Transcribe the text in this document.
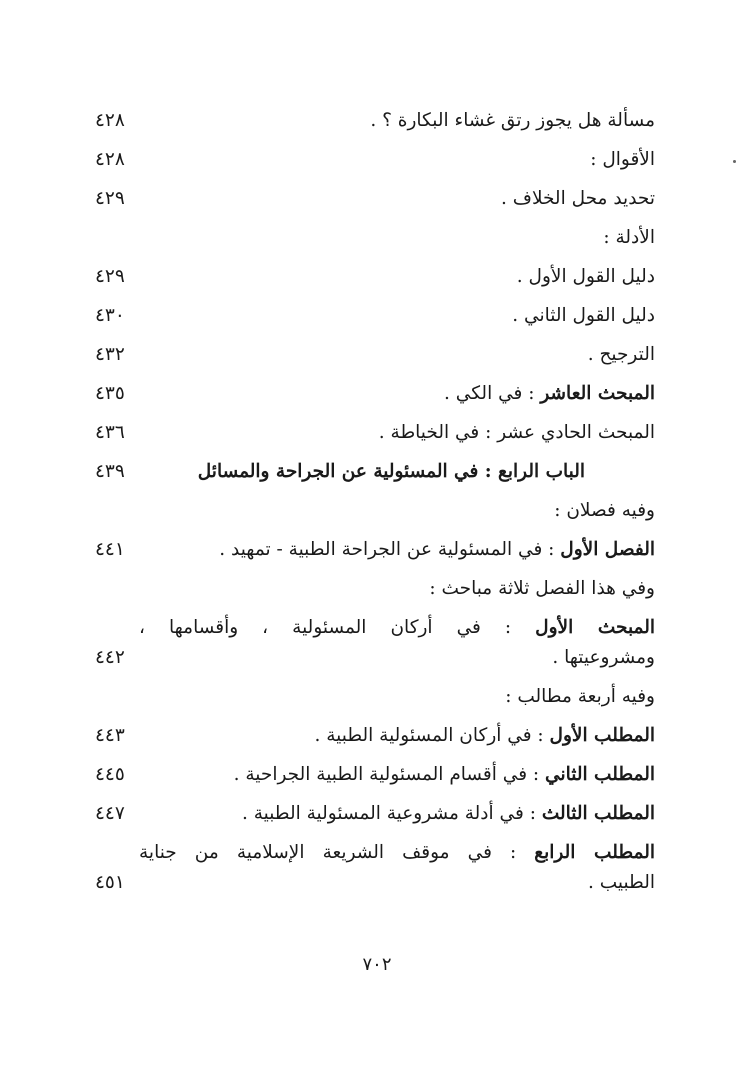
مسألة هل يجوز رتق غشاء البكارة ؟ .
٤٢٨
الأقوال :
٤٢٨
تحديد محل الخلاف .
٤٢٩
الأدلة :
دليل القول الأول .
٤٢٩
دليل القول الثاني .
٤٣٠
الترجيح .
٤٣٢
المبحث العاشر : في الكي .
٤٣٥
المبحث الحادي عشر : في الخياطة .
٤٣٦
الباب الرابع : في المسئولية عن الجراحة والمسائل
٤٣٩
وفيه فصلان :
الفصل الأول : في المسئولية عن الجراحة الطبية - تمهيد .
٤٤١
وفي هذا الفصل ثلاثة مباحث :
المبحث الأول : في أركان المسئولية ، وأقسامها ،
ومشروعيتها .
٤٤٢
وفيه أربعة مطالب :
المطلب الأول : في أركان المسئولية الطبية .
٤٤٣
المطلب الثاني : في أقسام المسئولية الطبية الجراحية .
٤٤٥
المطلب الثالث : في أدلة مشروعية المسئولية الطبية .
٤٤٧
المطلب الرابع : في موقف الشريعة الإسلامية من جناية
الطبيب .
٤٥١
٧٠٢
